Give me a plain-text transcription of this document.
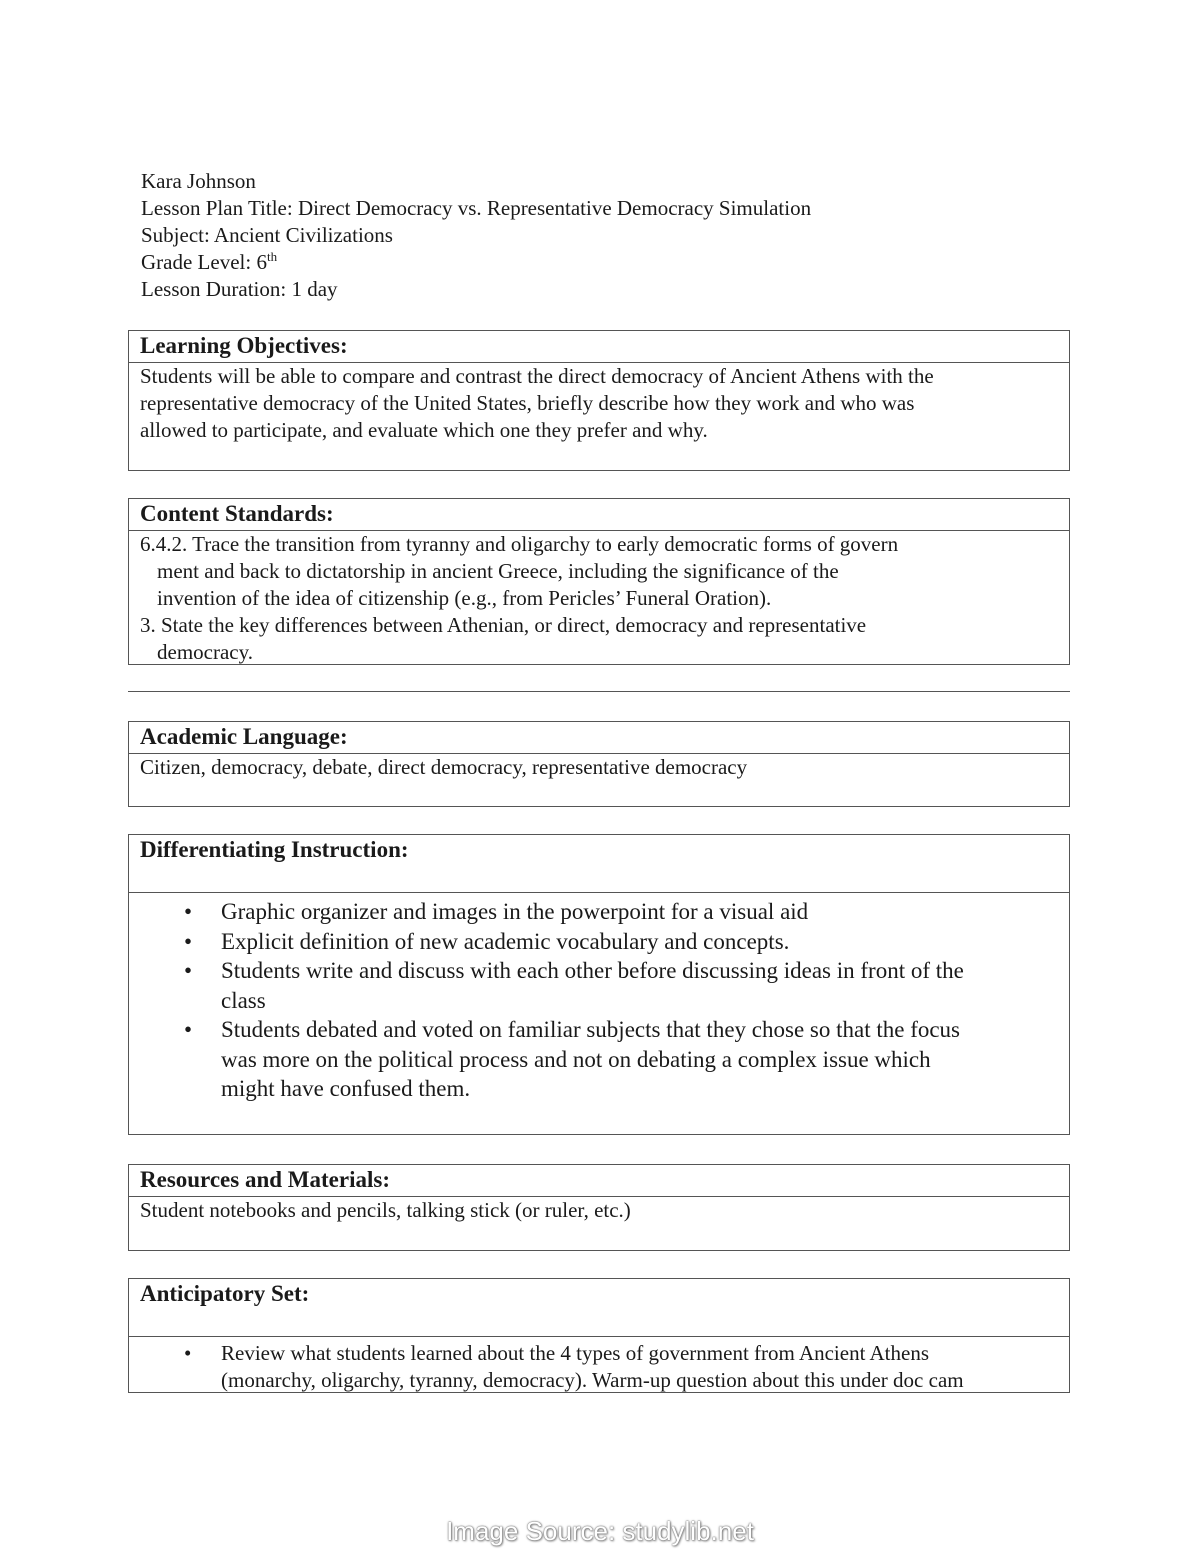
Kara Johnson
Lesson Plan Title: Direct Democracy vs. Representative Democracy Simulation
Subject: Ancient Civilizations
Grade Level: 6th
Lesson Duration: 1 day
Learning Objectives:
Students will be able to compare and contrast the direct democracy of Ancient Athens with the
representative democracy of the United States, briefly describe how they work and who was
allowed to participate, and evaluate which one they prefer and why.
Content Standards:
6.4.2. Trace the transition from tyranny and oligarchy to early democratic forms of govern
ment and back to dictatorship in ancient Greece, including the significance of the
invention of the idea of citizenship (e.g., from Pericles’ Funeral Oration).
3. State the key differences between Athenian, or direct, democracy and representative
democracy.
Academic Language:
Citizen, democracy, debate, direct democracy, representative democracy
Differentiating Instruction:
• Graphic organizer and images in the powerpoint for a visual aid
• Explicit definition of new academic vocabulary and concepts.
• Students write and discuss with each other before discussing ideas in front of the
class
• Students debated and voted on familiar subjects that they chose so that the focus
was more on the political process and not on debating a complex issue which
might have confused them.
Resources and Materials:
Student notebooks and pencils, talking stick (or ruler, etc.)
Anticipatory Set:
• Review what students learned about the 4 types of government from Ancient Athens
(monarchy, oligarchy, tyranny, democracy). Warm-up question about this under doc cam
Image Source: studylib.net
